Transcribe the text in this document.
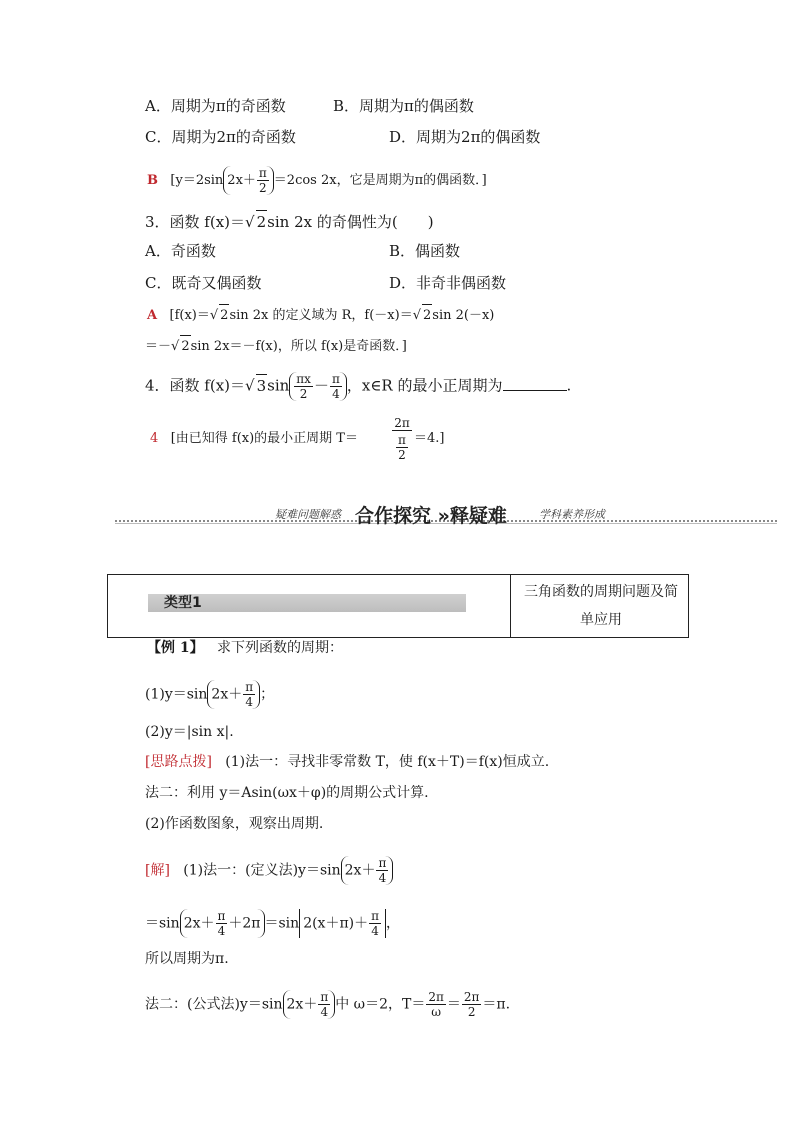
A．周期为π的奇函数	B．周期为π的偶函数
C．周期为2π的奇函数	D．周期为2π的偶函数
B [y＝2sin $2x+ \frac{\pi}{2} =2\cos$ 2x，它是周期为π的偶函数．]
3．函数 f(x)＝√ 2sin 2x 的奇偶性为(　　)
A．奇函数	B．偶函数
C．既奇又偶函数	D．非奇非偶函数
A [f(x)＝√ 2sin 2x 的定义域为 R，f(－x)＝√ 2sin 2(－x)
＝－√ 2sin 2x＝－f(x)，所以 f(x)是奇函数．]
4．函数 f(x)＝√ $3\sin \frac{\pi x}{2} - \frac{\pi}{4}$ ，x∈R 的最小正周期为	.
4 [由已知得 f(x)的最小正周期 T＝
2π
π
2
＝4.]
疑难问题解惑 合作探究 »释疑难	学科素养形成
类型1
三角函数的周期问题及简单应用
【例 1】 求下列函数的周期：
(1)y＝sin $2x+ \frac{\pi}{4}$ ；
(2)y＝|sin x|.
[思路点拨] (1)法一：寻找非零常数 T，使 f(x＋T)＝f(x)恒成立.
法二：利用 y＝Asin(ωx＋φ)的周期公式计算.
(2)作函数图象，观察出周期.
[解] (1)法一：(定义法)y＝sin $2x+ \frac{\pi}{4}$
＝sin $2x+ \frac{\pi}{4} +2\pi =\sin$ $2(x+\pi)+ \frac{\pi}{4}$ ，
所以周期为π.
法二：(公式法)y＝sin $2x+ \frac{\pi}{4}$ 中 ω＝2，$T= \frac{2\pi}{\omega} = \frac{2\pi}{2} =\pi$.
